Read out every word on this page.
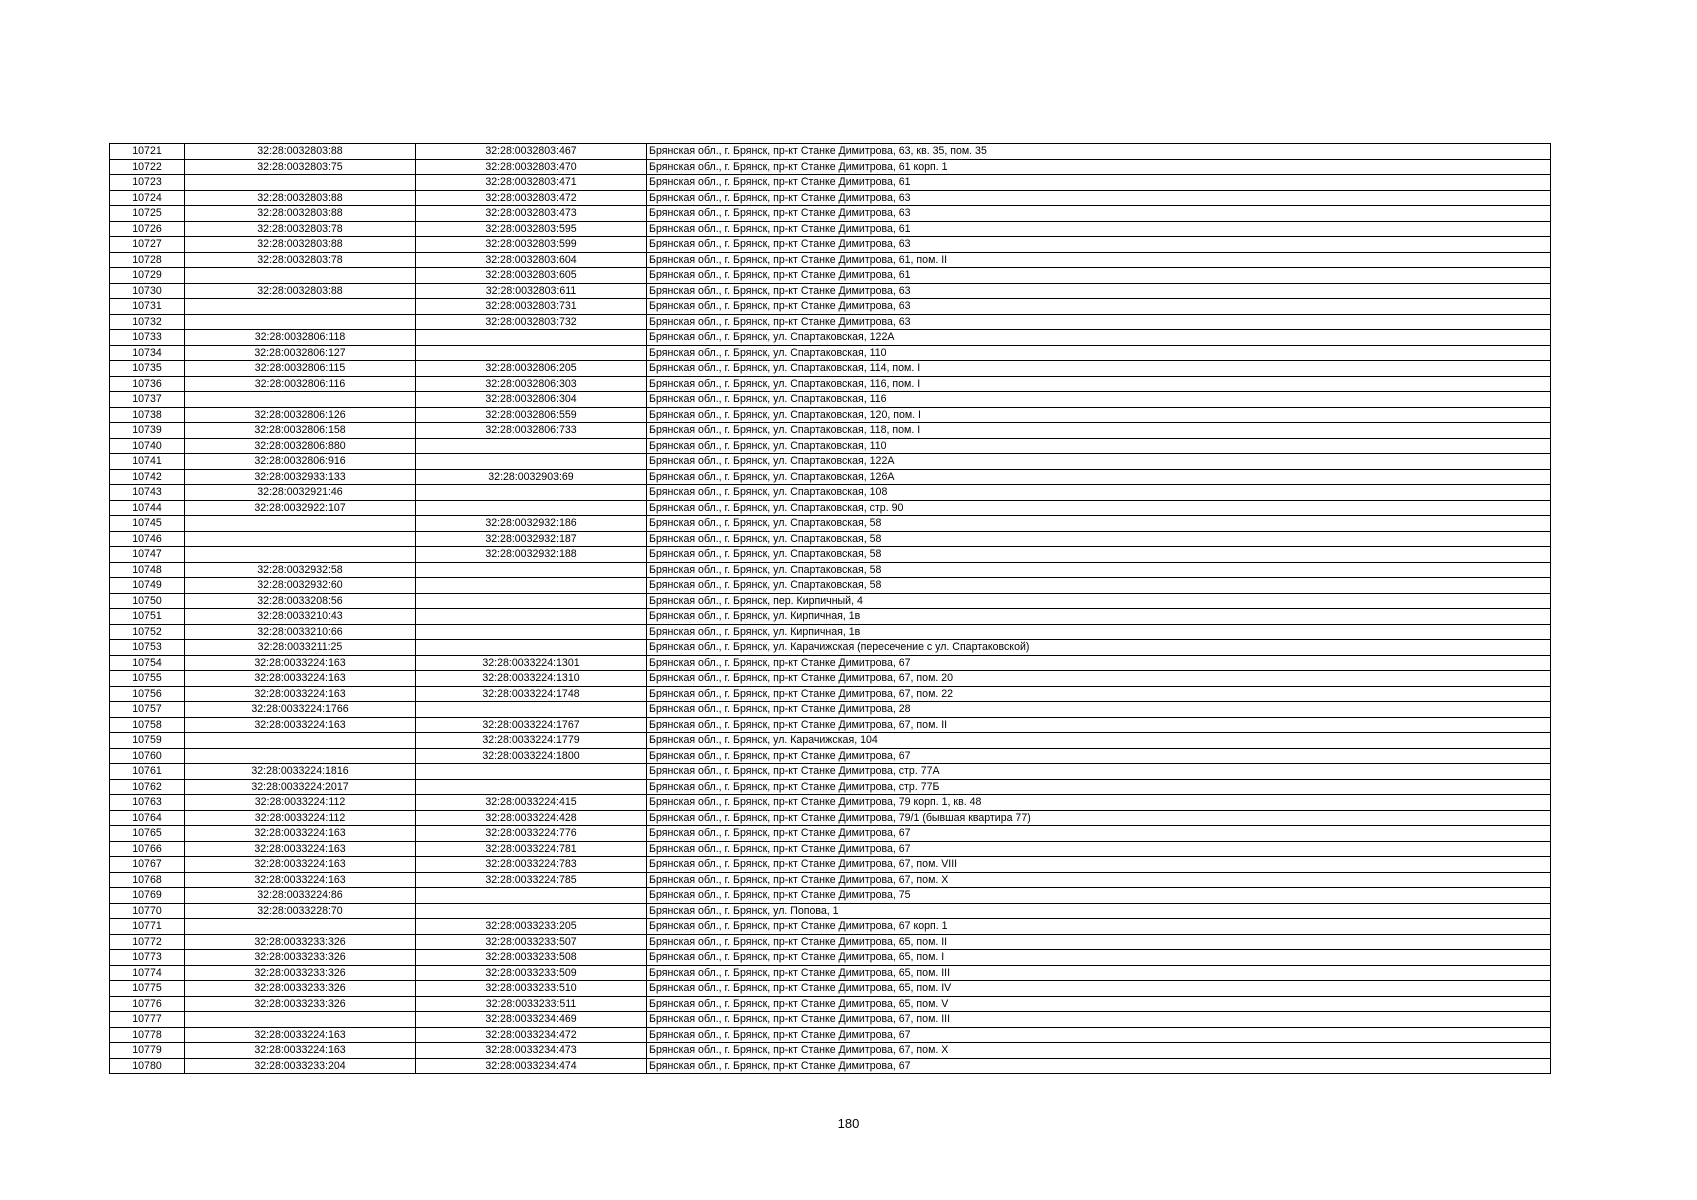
10721	32:28:0032803:88	32:28:0032803:467	Брянская обл., г. Брянск, пр-кт Станке Димитрова, 63, кв. 35, пом. 35
10722	32:28:0032803:75	32:28:0032803:470	Брянская обл., г. Брянск, пр-кт Станке Димитрова, 61 корп. 1
10723		32:28:0032803:471	Брянская обл., г. Брянск, пр-кт Станке Димитрова, 61
10724	32:28:0032803:88	32:28:0032803:472	Брянская обл., г. Брянск, пр-кт Станке Димитрова, 63
10725	32:28:0032803:88	32:28:0032803:473	Брянская обл., г. Брянск, пр-кт Станке Димитрова, 63
10726	32:28:0032803:78	32:28:0032803:595	Брянская обл., г. Брянск, пр-кт Станке Димитрова, 61
10727	32:28:0032803:88	32:28:0032803:599	Брянская обл., г. Брянск, пр-кт Станке Димитрова, 63
10728	32:28:0032803:78	32:28:0032803:604	Брянская обл., г. Брянск, пр-кт Станке Димитрова, 61, пом. II
10729		32:28:0032803:605	Брянская обл., г. Брянск, пр-кт Станке Димитрова, 61
10730	32:28:0032803:88	32:28:0032803:611	Брянская обл., г. Брянск, пр-кт Станке Димитрова, 63
10731		32:28:0032803:731	Брянская обл., г. Брянск, пр-кт Станке Димитрова, 63
10732		32:28:0032803:732	Брянская обл., г. Брянск, пр-кт Станке Димитрова, 63
10733	32:28:0032806:118		Брянская обл., г. Брянск, ул. Спартаковская, 122А
10734	32:28:0032806:127		Брянская обл., г. Брянск, ул. Спартаковская, 110
10735	32:28:0032806:115	32:28:0032806:205	Брянская обл., г. Брянск, ул. Спартаковская, 114, пом. I
10736	32:28:0032806:116	32:28:0032806:303	Брянская обл., г. Брянск, ул. Спартаковская, 116, пом. I
10737		32:28:0032806:304	Брянская обл., г. Брянск, ул. Спартаковская, 116
10738	32:28:0032806:126	32:28:0032806:559	Брянская обл., г. Брянск, ул. Спартаковская, 120, пом. I
10739	32:28:0032806:158	32:28:0032806:733	Брянская обл., г. Брянск, ул. Спартаковская, 118, пом. I
10740	32:28:0032806:880		Брянская обл., г. Брянск, ул. Спартаковская, 110
10741	32:28:0032806:916		Брянская обл., г. Брянск, ул. Спартаковская, 122А
10742	32:28:0032933:133	32:28:0032903:69	Брянская обл., г. Брянск, ул. Спартаковская, 126А
10743	32:28:0032921:46		Брянская обл., г. Брянск, ул. Спартаковская, 108
10744	32:28:0032922:107		Брянская обл., г. Брянск, ул. Спартаковская, стр. 90
10745		32:28:0032932:186	Брянская обл., г. Брянск, ул. Спартаковская, 58
10746		32:28:0032932:187	Брянская обл., г. Брянск, ул. Спартаковская, 58
10747		32:28:0032932:188	Брянская обл., г. Брянск, ул. Спартаковская, 58
10748	32:28:0032932:58		Брянская обл., г. Брянск, ул. Спартаковская, 58
10749	32:28:0032932:60		Брянская обл., г. Брянск, ул. Спартаковская, 58
10750	32:28:0033208:56		Брянская обл., г. Брянск, пер. Кирпичный, 4
10751	32:28:0033210:43		Брянская обл., г. Брянск, ул. Кирпичная, 1в
10752	32:28:0033210:66		Брянская обл., г. Брянск, ул. Кирпичная, 1в
10753	32:28:0033211:25		Брянская обл., г. Брянск, ул. Карачижская (пересечение с ул. Спартаковской)
10754	32:28:0033224:163	32:28:0033224:1301	Брянская обл., г. Брянск, пр-кт Станке Димитрова, 67
10755	32:28:0033224:163	32:28:0033224:1310	Брянская обл., г. Брянск, пр-кт Станке Димитрова, 67, пом. 20
10756	32:28:0033224:163	32:28:0033224:1748	Брянская обл., г. Брянск, пр-кт Станке Димитрова, 67, пом. 22
10757	32:28:0033224:1766		Брянская обл., г. Брянск, пр-кт Станке Димитрова, 28
10758	32:28:0033224:163	32:28:0033224:1767	Брянская обл., г. Брянск, пр-кт Станке Димитрова, 67, пом. II
10759		32:28:0033224:1779	Брянская обл., г. Брянск, ул. Карачижская, 104
10760		32:28:0033224:1800	Брянская обл., г. Брянск, пр-кт Станке Димитрова, 67
10761	32:28:0033224:1816		Брянская обл., г. Брянск, пр-кт Станке Димитрова, стр. 77А
10762	32:28:0033224:2017		Брянская обл., г. Брянск, пр-кт Станке Димитрова, стр. 77Б
10763	32:28:0033224:112	32:28:0033224:415	Брянская обл., г. Брянск, пр-кт Станке Димитрова, 79 корп. 1, кв. 48
10764	32:28:0033224:112	32:28:0033224:428	Брянская обл., г. Брянск, пр-кт Станке Димитрова, 79/1 (бывшая квартира 77)
10765	32:28:0033224:163	32:28:0033224:776	Брянская обл., г. Брянск, пр-кт Станке Димитрова, 67
10766	32:28:0033224:163	32:28:0033224:781	Брянская обл., г. Брянск, пр-кт Станке Димитрова, 67
10767	32:28:0033224:163	32:28:0033224:783	Брянская обл., г. Брянск, пр-кт Станке Димитрова, 67, пом. VIII
10768	32:28:0033224:163	32:28:0033224:785	Брянская обл., г. Брянск, пр-кт Станке Димитрова, 67, пом. X
10769	32:28:0033224:86		Брянская обл., г. Брянск, пр-кт Станке Димитрова, 75
10770	32:28:0033228:70		Брянская обл., г. Брянск, ул. Попова, 1
10771		32:28:0033233:205	Брянская обл., г. Брянск, пр-кт Станке Димитрова, 67 корп. 1
10772	32:28:0033233:326	32:28:0033233:507	Брянская обл., г. Брянск, пр-кт Станке Димитрова, 65, пом. II
10773	32:28:0033233:326	32:28:0033233:508	Брянская обл., г. Брянск, пр-кт Станке Димитрова, 65, пом. I
10774	32:28:0033233:326	32:28:0033233:509	Брянская обл., г. Брянск, пр-кт Станке Димитрова, 65, пом. III
10775	32:28:0033233:326	32:28:0033233:510	Брянская обл., г. Брянск, пр-кт Станке Димитрова, 65, пом. IV
10776	32:28:0033233:326	32:28:0033233:511	Брянская обл., г. Брянск, пр-кт Станке Димитрова, 65, пом. V
10777		32:28:0033234:469	Брянская обл., г. Брянск, пр-кт Станке Димитрова, 67, пом. III
10778	32:28:0033224:163	32:28:0033234:472	Брянская обл., г. Брянск, пр-кт Станке Димитрова, 67
10779	32:28:0033224:163	32:28:0033234:473	Брянская обл., г. Брянск, пр-кт Станке Димитрова, 67, пом. X
10780	32:28:0033233:204	32:28:0033234:474	Брянская обл., г. Брянск, пр-кт Станке Димитрова, 67
180
